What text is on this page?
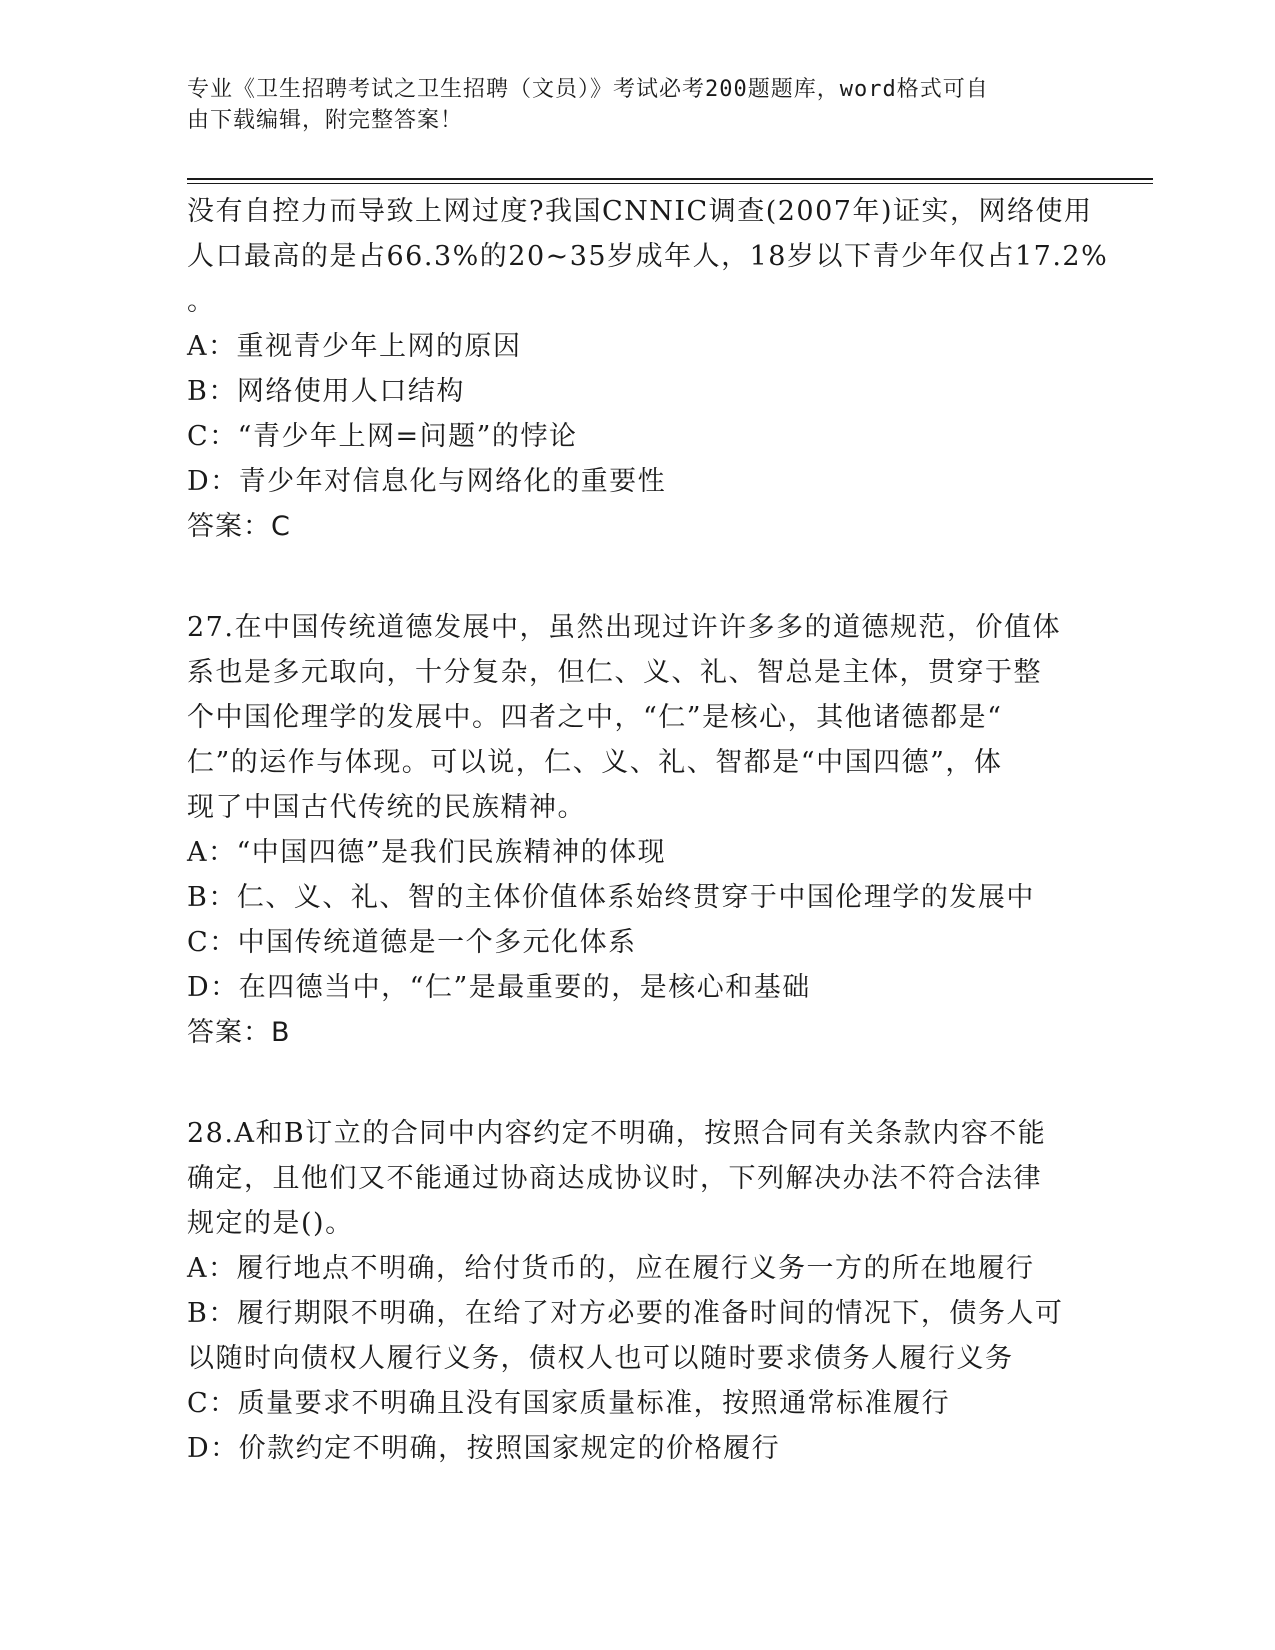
专业《卫生招聘考试之卫生招聘（文员）》考试必考200题题库，word格式可自
由下载编辑，附完整答案！
没有自控力而导致上网过度?我国CNNIC调查(2007年)证实，网络使用
人口最高的是占66.3%的20~35岁成年人，18岁以下青少年仅占17.2%
。
A：重视青少年上网的原因
B：网络使用人口结构
C：“青少年上网=问题”的悖论
D：青少年对信息化与网络化的重要性
答案：C
27.在中国传统道德发展中，虽然出现过许许多多的道德规范，价值体
系也是多元取向，十分复杂，但仁、义、礼、智总是主体，贯穿于整
个中国伦理学的发展中。四者之中，“仁”是核心，其他诸德都是“
仁”的运作与体现。可以说，仁、义、礼、智都是“中国四德”，体
现了中国古代传统的民族精神。
A：“中国四德”是我们民族精神的体现
B：仁、义、礼、智的主体价值体系始终贯穿于中国伦理学的发展中
C：中国传统道德是一个多元化体系
D：在四德当中，“仁”是最重要的，是核心和基础
答案：B
28.A和B订立的合同中内容约定不明确，按照合同有关条款内容不能
确定，且他们又不能通过协商达成协议时，下列解决办法不符合法律
规定的是()。
A：履行地点不明确，给付货币的，应在履行义务一方的所在地履行
B：履行期限不明确，在给了对方必要的准备时间的情况下，债务人可
以随时向债权人履行义务，债权人也可以随时要求债务人履行义务
C：质量要求不明确且没有国家质量标准，按照通常标准履行
D：价款约定不明确，按照国家规定的价格履行
